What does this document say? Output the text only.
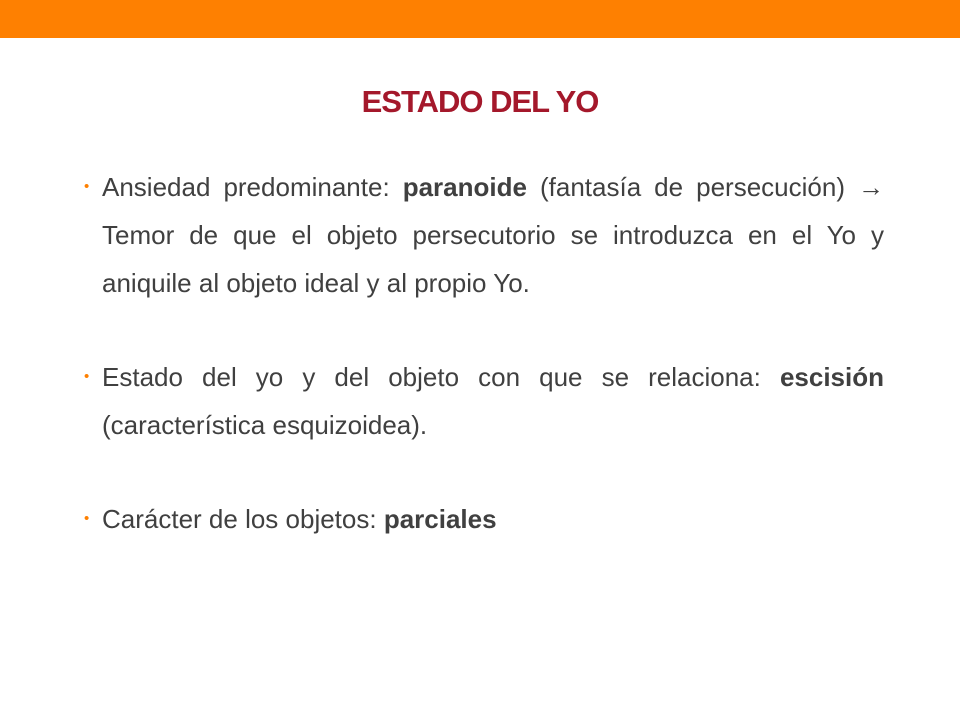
ESTADO DEL YO
• Ansiedad predominante: paranoide (fantasía de persecución) → Temor de que el objeto persecutorio se introduzca en el Yo y aniquile al objeto ideal y al propio Yo.
• Estado del yo y del objeto con que se relaciona: escisión (característica esquizoidea).
• Carácter de los objetos: parciales
